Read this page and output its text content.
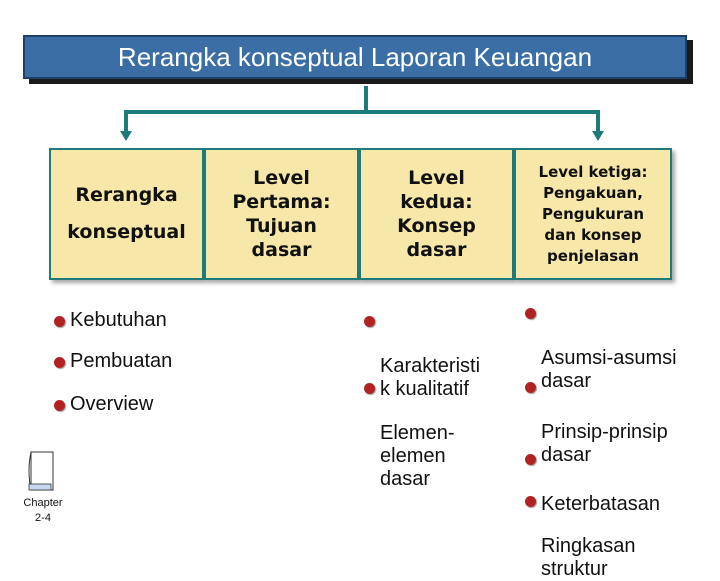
Rerangka konseptual Laporan Keuangan
Rerangka
konseptual
Level
Pertama:
Tujuan
dasar
Level
kedua:
Konsep
dasar
Level ketiga:
Pengakuan,
Pengukuran
dan konsep
penjelasan
Kebutuhan
Pembuatan
Overview

Karakteristi
k kualitatif

Elemen-
elemen
dasar

Asumsi-asumsi
dasar

Prinsip-prinsip
dasar

Keterbatasan

Ringkasan
struktur

Chapter
2-4
